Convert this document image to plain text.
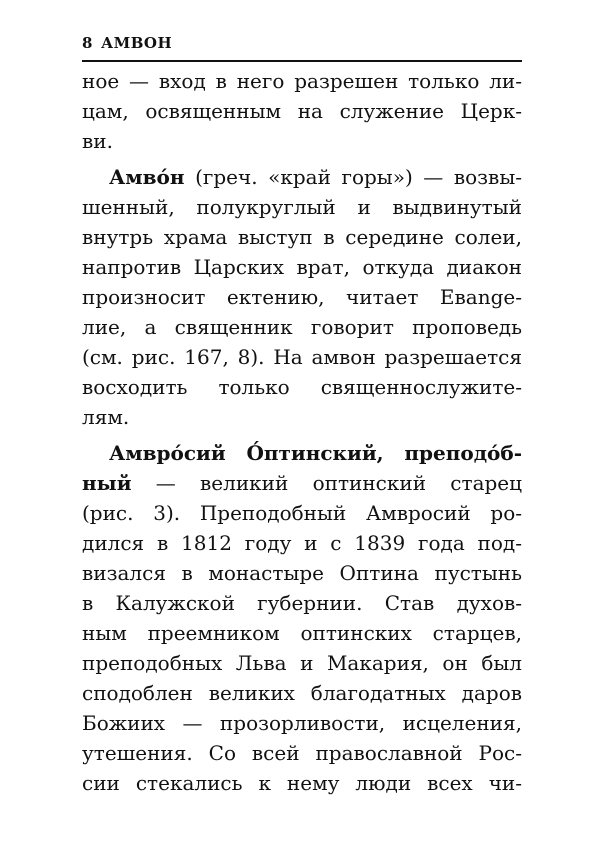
8 АМВОН
ное — вход в него разрешен только ли-
цам, освященным на служение Церк-
ви.
Амво́н (греч. «край горы») — возвы-
шенный, полукруглый и выдвинутый
внутрь храма выступ в середине солеи,
напротив Царских врат, откуда диакон
произносит ектению, читает Евange-
лие, а священник говорит проповедь
(см. рис. 167, 8). На амвон разрешается
восходить только священнослужите-
лям.
Амвро́сий О́птинский, преподо́б-
ный — великий оптинский старец
(рис. 3). Преподобный Амвросий ро-
дился в 1812 году и с 1839 года под-
визался в монастыре Оптина пустынь
в Калужской губернии. Став духов-
ным преемником оптинских старцев,
преподобных Льва и Макария, он был
сподоблен великих благодатных даров
Божиих — прозорливости, исцеления,
утешения. Со всей православной Рос-
сии стекались к нему люди всех чи-
